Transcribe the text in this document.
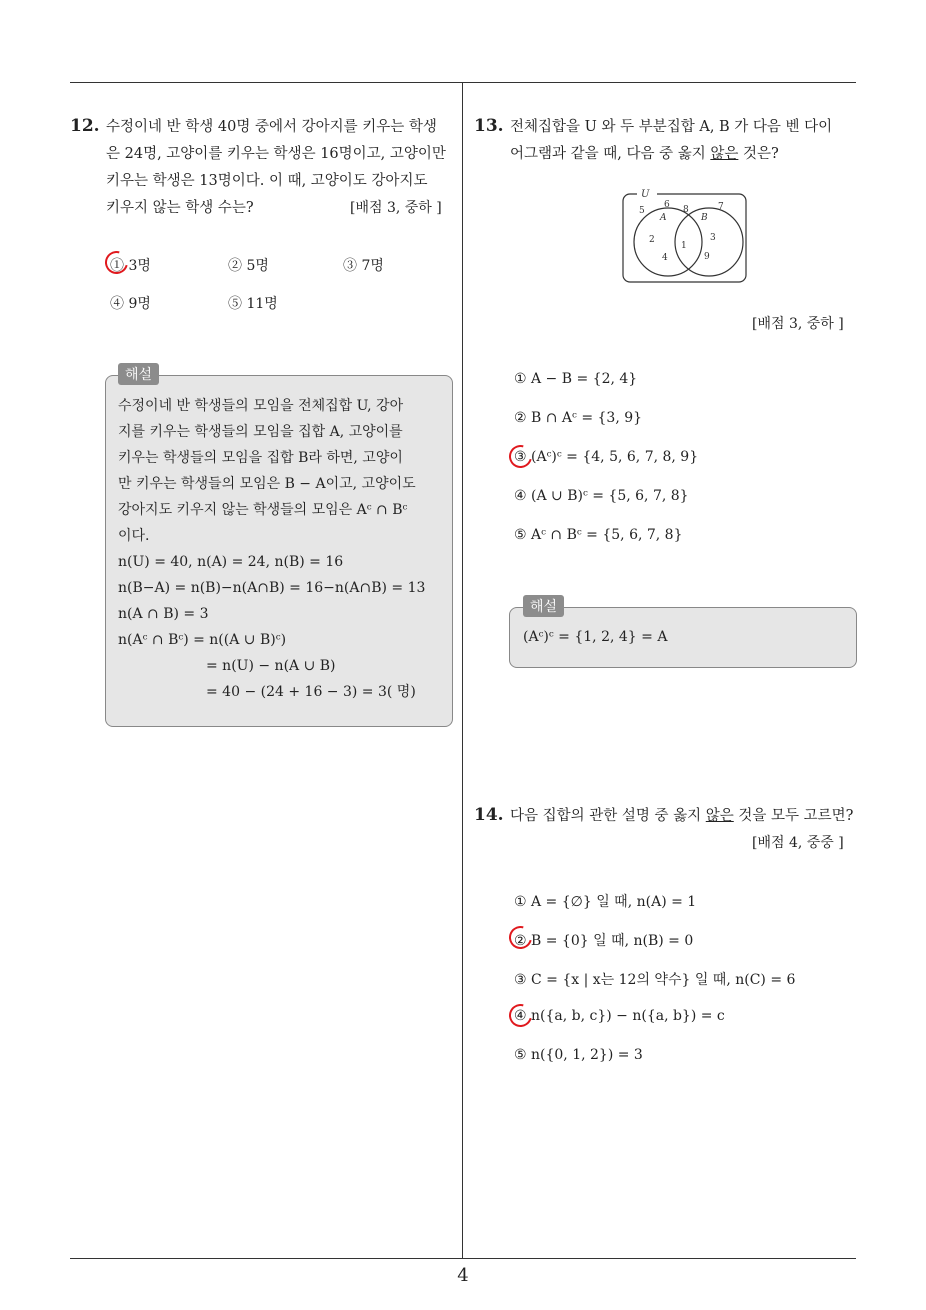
12. 수정이네 반 학생 40명 중에서 강아지를 키우는 학생
은 24명, 고양이를 키우는 학생은 16명이고, 고양이만
키우는 학생은 13명이다. 이 때, 고양이도 강아지도
키우지 않는 학생 수는?	[배점 3, 중하 ]
① 3명	② 5명	③ 7명
④ 9명	⑤ 11명
해설
수정이네 반 학생들의 모임을 전체집합 U, 강아
지를 키우는 학생들의 모임을 집합 A, 고양이를
키우는 학생들의 모임을 집합 B라 하면, 고양이
만 키우는 학생들의 모임은 B − A이고, 고양이도
강아지도 키우지 않는 학생들의 모임은 Aᶜ ∩ Bᶜ
이다.
n(U) = 40, n(A) = 24, n(B) = 16
n(B−A) = n(B)−n(A∩B) = 16−n(A∩B) = 13
n(A ∩ B) = 3
n(Aᶜ ∩ Bᶜ) = n((A ∪ B)ᶜ)
= n(U) − n(A ∪ B)
= 40 − (24 + 16 − 3) = 3( 명)
13. 전체집합을 U 와 두 부분집합 A, B 가 다음 벤 다이
어그램과 같을 때, 다음 중 옳지 않은 것은?
U
A	B
5
6 8	7
9
2
4
1
3
[배점 3, 중하 ]
① A − B = {2, 4}
② B ∩ Aᶜ = {3, 9}
③ (Aᶜ)ᶜ = {4, 5, 6, 7, 8, 9}
④ (A ∪ B)ᶜ = {5, 6, 7, 8}
⑤ Aᶜ ∩ Bᶜ = {5, 6, 7, 8}
해설
(Aᶜ)ᶜ = {1, 2, 4} = A
14. 다음 집합의 관한 설명 중 옳지 않은 것을 모두 고르면?
[배점 4, 중중 ]
① A = {∅} 일 때, n(A) = 1
② B = {0} 일 때, n(B) = 0
③ C = {x | x는 12의 약수} 일 때, n(C) = 6
④ n({a, b, c}) − n({a, b}) = c
⑤ n({0, 1, 2}) = 3
4
